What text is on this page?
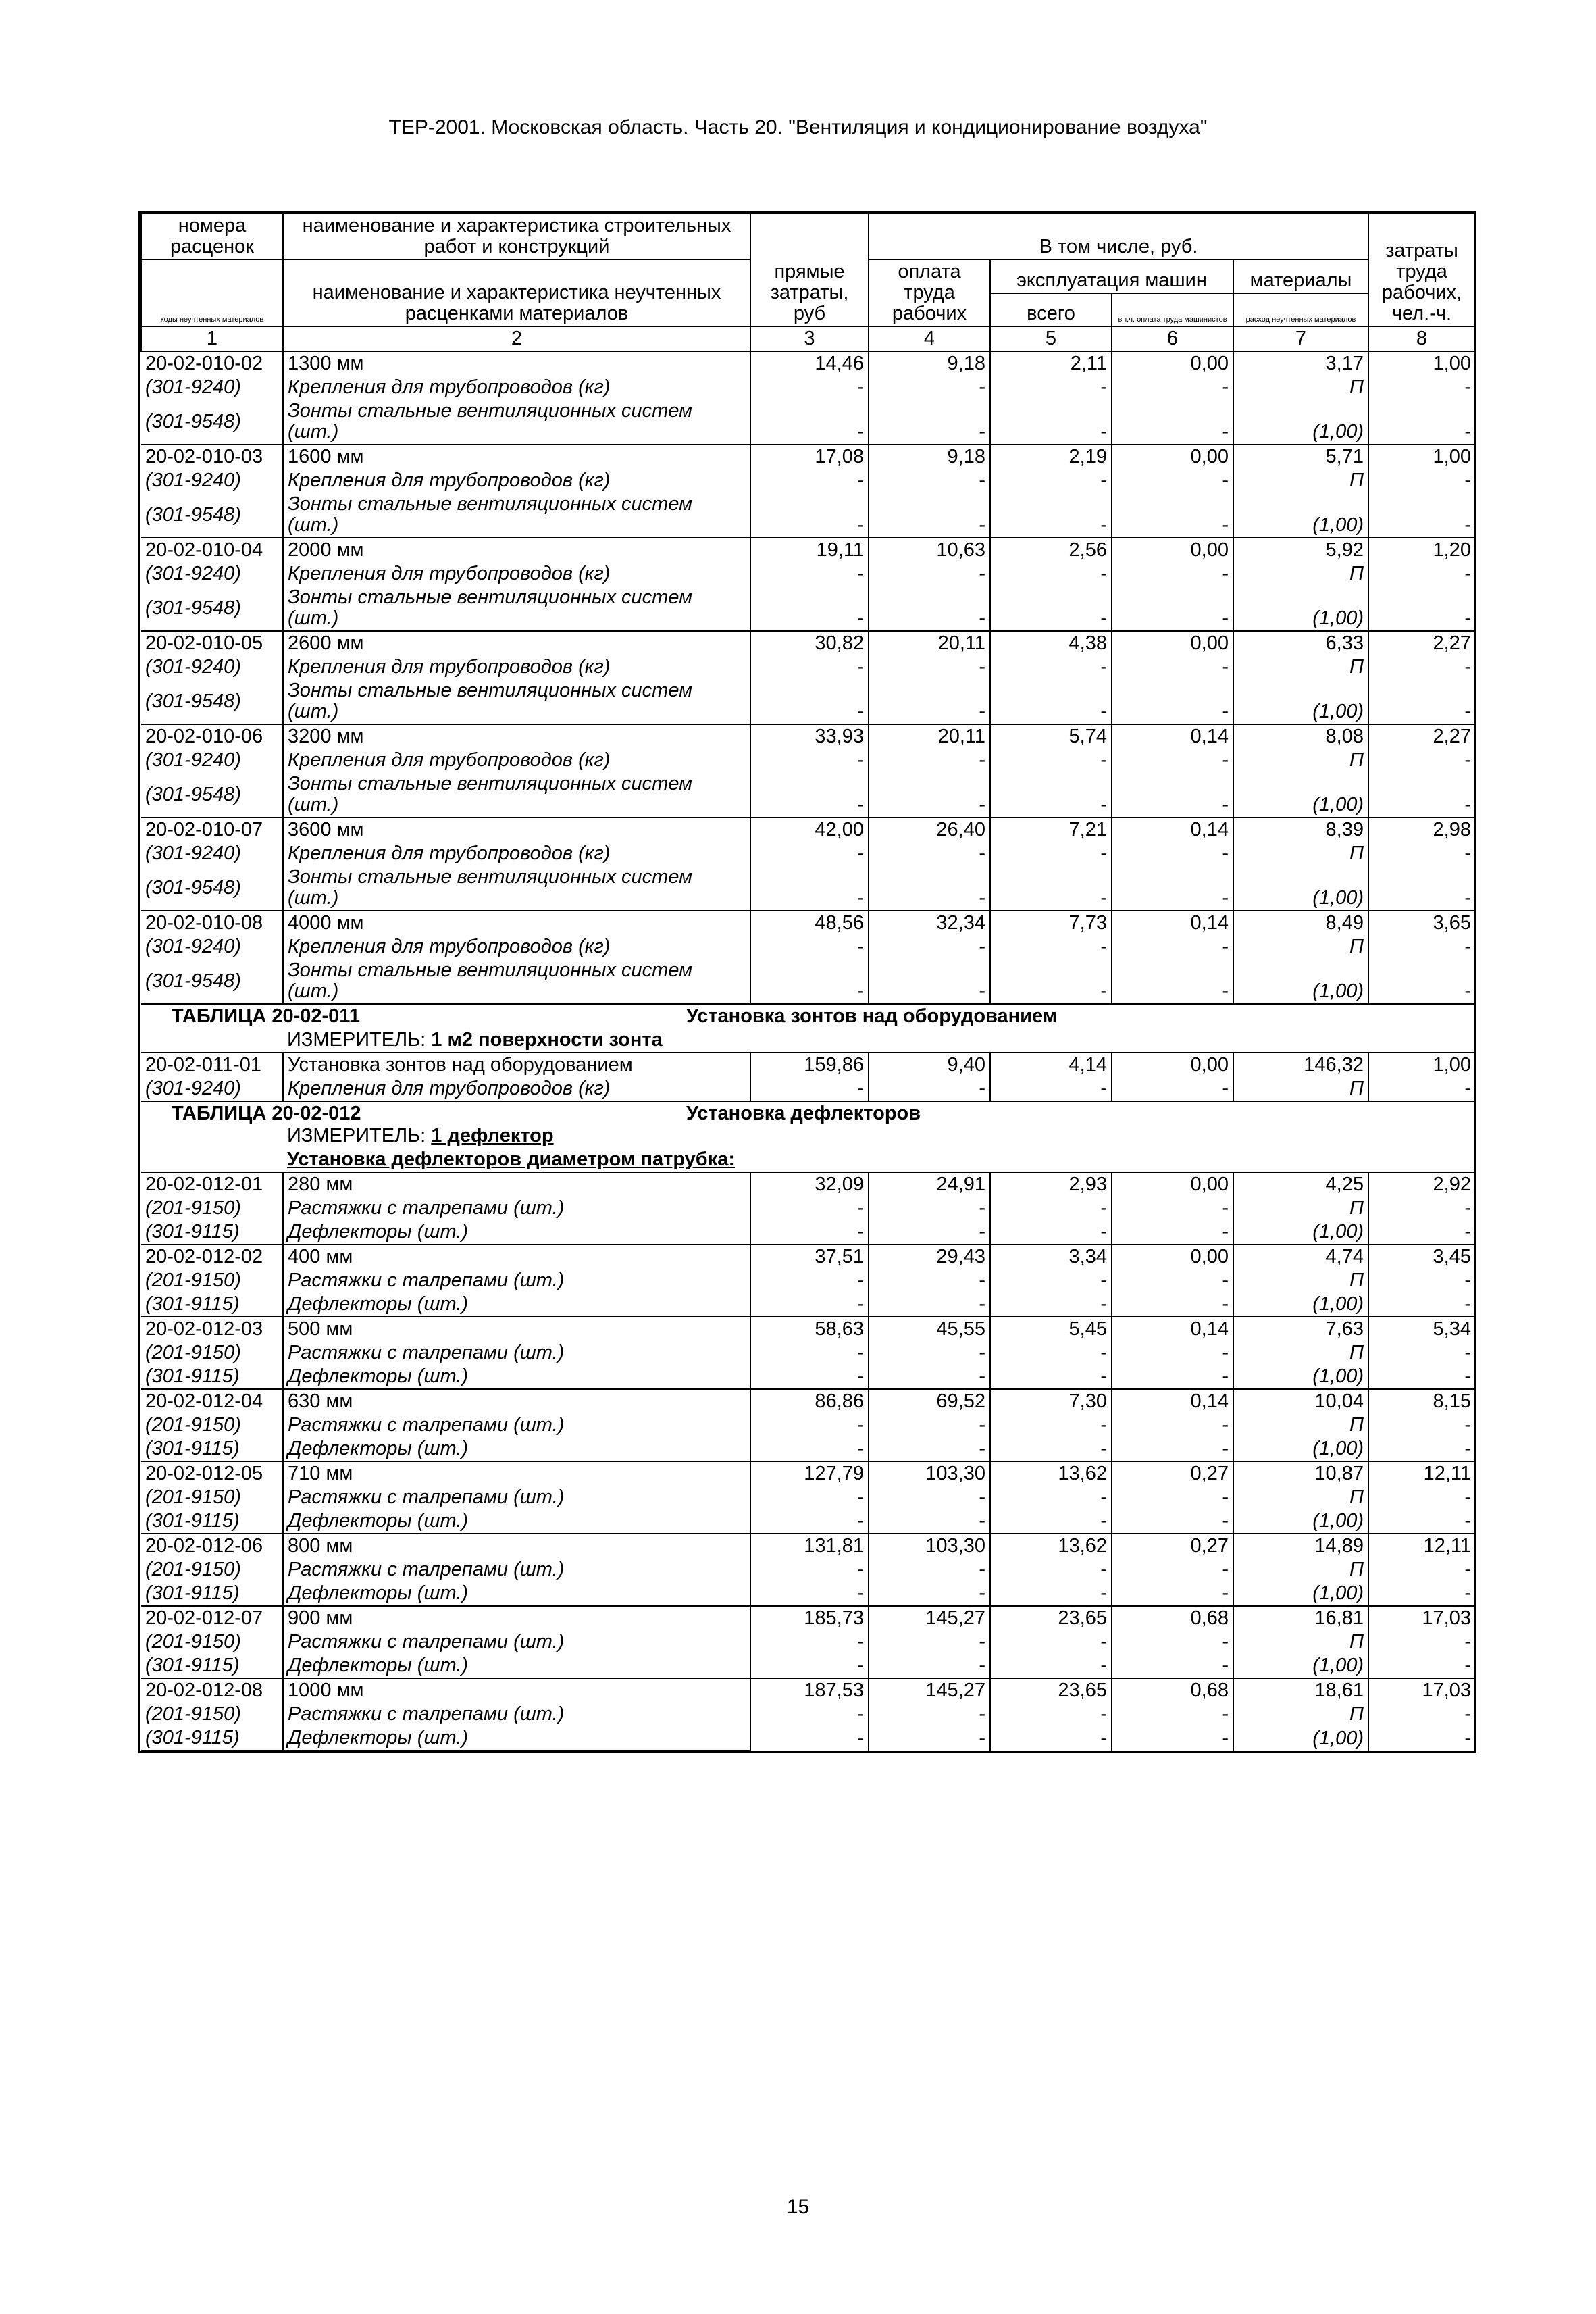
ТЕР-2001. Московская область. Часть 20. "Вентиляция и кондиционирование воздуха"
номера расценок	наименование и характеристика строительных работ и конструкций	прямые затраты, руб	В том числе, руб.	затраты труда рабочих, чел.-ч.
коды неучтенных материалов	наименование и характеристика неучтенных расценками материалов	оплата труда рабочих	эксплуатация машин	материалы
всего	в т.ч. оплата труда машинистов	расход неучтенных материалов
1	2	3	4	5	6	7	8
20-02-010-02	1300 мм	14,46	9,18	2,11	0,00	3,17	1,00
(301-9240)	Крепления для трубопроводов (кг)	-	-	-	-	П	-
(301-9548)	Зонты стальные вентиляционных систем (шт.)	-	-	-	-	(1,00)	-
20-02-010-03	1600 мм	17,08	9,18	2,19	0,00	5,71	1,00
(301-9240)	Крепления для трубопроводов (кг)	-	-	-	-	П	-
(301-9548)	Зонты стальные вентиляционных систем (шт.)	-	-	-	-	(1,00)	-
20-02-010-04	2000 мм	19,11	10,63	2,56	0,00	5,92	1,20
(301-9240)	Крепления для трубопроводов (кг)	-	-	-	-	П	-
(301-9548)	Зонты стальные вентиляционных систем (шт.)	-	-	-	-	(1,00)	-
20-02-010-05	2600 мм	30,82	20,11	4,38	0,00	6,33	2,27
(301-9240)	Крепления для трубопроводов (кг)	-	-	-	-	П	-
(301-9548)	Зонты стальные вентиляционных систем (шт.)	-	-	-	-	(1,00)	-
20-02-010-06	3200 мм	33,93	20,11	5,74	0,14	8,08	2,27
(301-9240)	Крепления для трубопроводов (кг)	-	-	-	-	П	-
(301-9548)	Зонты стальные вентиляционных систем (шт.)	-	-	-	-	(1,00)	-
20-02-010-07	3600 мм	42,00	26,40	7,21	0,14	8,39	2,98
(301-9240)	Крепления для трубопроводов (кг)	-	-	-	-	П	-
(301-9548)	Зонты стальные вентиляционных систем (шт.)	-	-	-	-	(1,00)	-
20-02-010-08	4000 мм	48,56	32,34	7,73	0,14	8,49	3,65
(301-9240)	Крепления для трубопроводов (кг)	-	-	-	-	П	-
(301-9548)	Зонты стальные вентиляционных систем (шт.)	-	-	-	-	(1,00)	-
ТАБЛИЦА 20-02-011	Установка зонтов над оборудованием
	ИЗМЕРИТЕЛЬ: 1 м2 поверхности зонта
20-02-011-01	Установка зонтов над оборудованием	159,86	9,40	4,14	0,00	146,32	1,00
(301-9240)	Крепления для трубопроводов (кг)	-	-	-	-	П	-
ТАБЛИЦА 20-02-012	Установка дефлекторов
	ИЗМЕРИТЕЛЬ: 1 дефлектор
	Установка дефлекторов диаметром патрубка:
20-02-012-01	280 мм	32,09	24,91	2,93	0,00	4,25	2,92
(201-9150)	Растяжки с талрепами (шт.)	-	-	-	-	П	-
(301-9115)	Дефлекторы (шт.)	-	-	-	-	(1,00)	-
20-02-012-02	400 мм	37,51	29,43	3,34	0,00	4,74	3,45
(201-9150)	Растяжки с талрепами (шт.)	-	-	-	-	П	-
(301-9115)	Дефлекторы (шт.)	-	-	-	-	(1,00)	-
20-02-012-03	500 мм	58,63	45,55	5,45	0,14	7,63	5,34
(201-9150)	Растяжки с талрепами (шт.)	-	-	-	-	П	-
(301-9115)	Дефлекторы (шт.)	-	-	-	-	(1,00)	-
20-02-012-04	630 мм	86,86	69,52	7,30	0,14	10,04	8,15
(201-9150)	Растяжки с талрепами (шт.)	-	-	-	-	П	-
(301-9115)	Дефлекторы (шт.)	-	-	-	-	(1,00)	-
20-02-012-05	710 мм	127,79	103,30	13,62	0,27	10,87	12,11
(201-9150)	Растяжки с талрепами (шт.)	-	-	-	-	П	-
(301-9115)	Дефлекторы (шт.)	-	-	-	-	(1,00)	-
20-02-012-06	800 мм	131,81	103,30	13,62	0,27	14,89	12,11
(201-9150)	Растяжки с талрепами (шт.)	-	-	-	-	П	-
(301-9115)	Дефлекторы (шт.)	-	-	-	-	(1,00)	-
20-02-012-07	900 мм	185,73	145,27	23,65	0,68	16,81	17,03
(201-9150)	Растяжки с талрепами (шт.)	-	-	-	-	П	-
(301-9115)	Дефлекторы (шт.)	-	-	-	-	(1,00)	-
20-02-012-08	1000 мм	187,53	145,27	23,65	0,68	18,61	17,03
(201-9150)	Растяжки с талрепами (шт.)	-	-	-	-	П	-
(301-9115)	Дефлекторы (шт.)	-	-	-	-	(1,00)	-
15
